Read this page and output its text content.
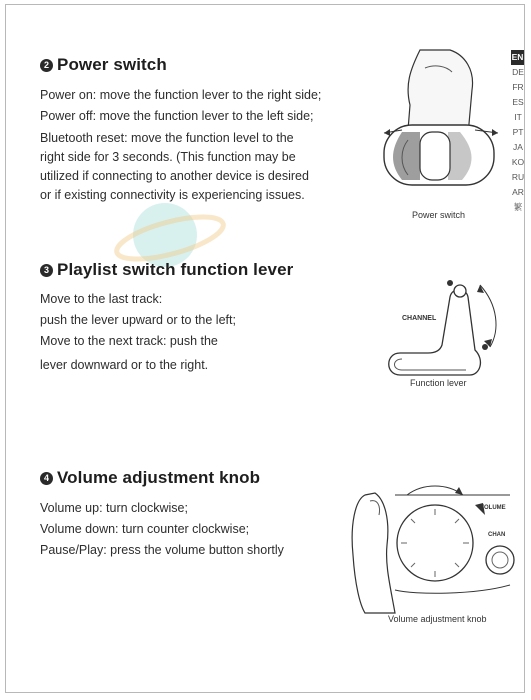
EN
DE
FR
ES
IT
PT
JA
KO
RU
AR
繁
2 Power switch
Power on: move the function lever to the right side;
Power off: move the function lever to the left side;
Bluetooth reset: move the function level to the
right side for 3 seconds. (This function may be
utilized if connecting to another device is desired
or if existing connectivity is experiencing issues.
Power switch
3 Playlist switch function lever
Move to the last track:
push the lever upward or to the left;
Move to the next track: push the
lever downward or to the right.
CHANNEL
Function lever
4 Volume adjustment knob
Volume up: turn clockwise;
Volume down: turn counter clockwise;
Pause/Play: press the volume button shortly
VOLUME
CHAN
Volume adjustment knob
